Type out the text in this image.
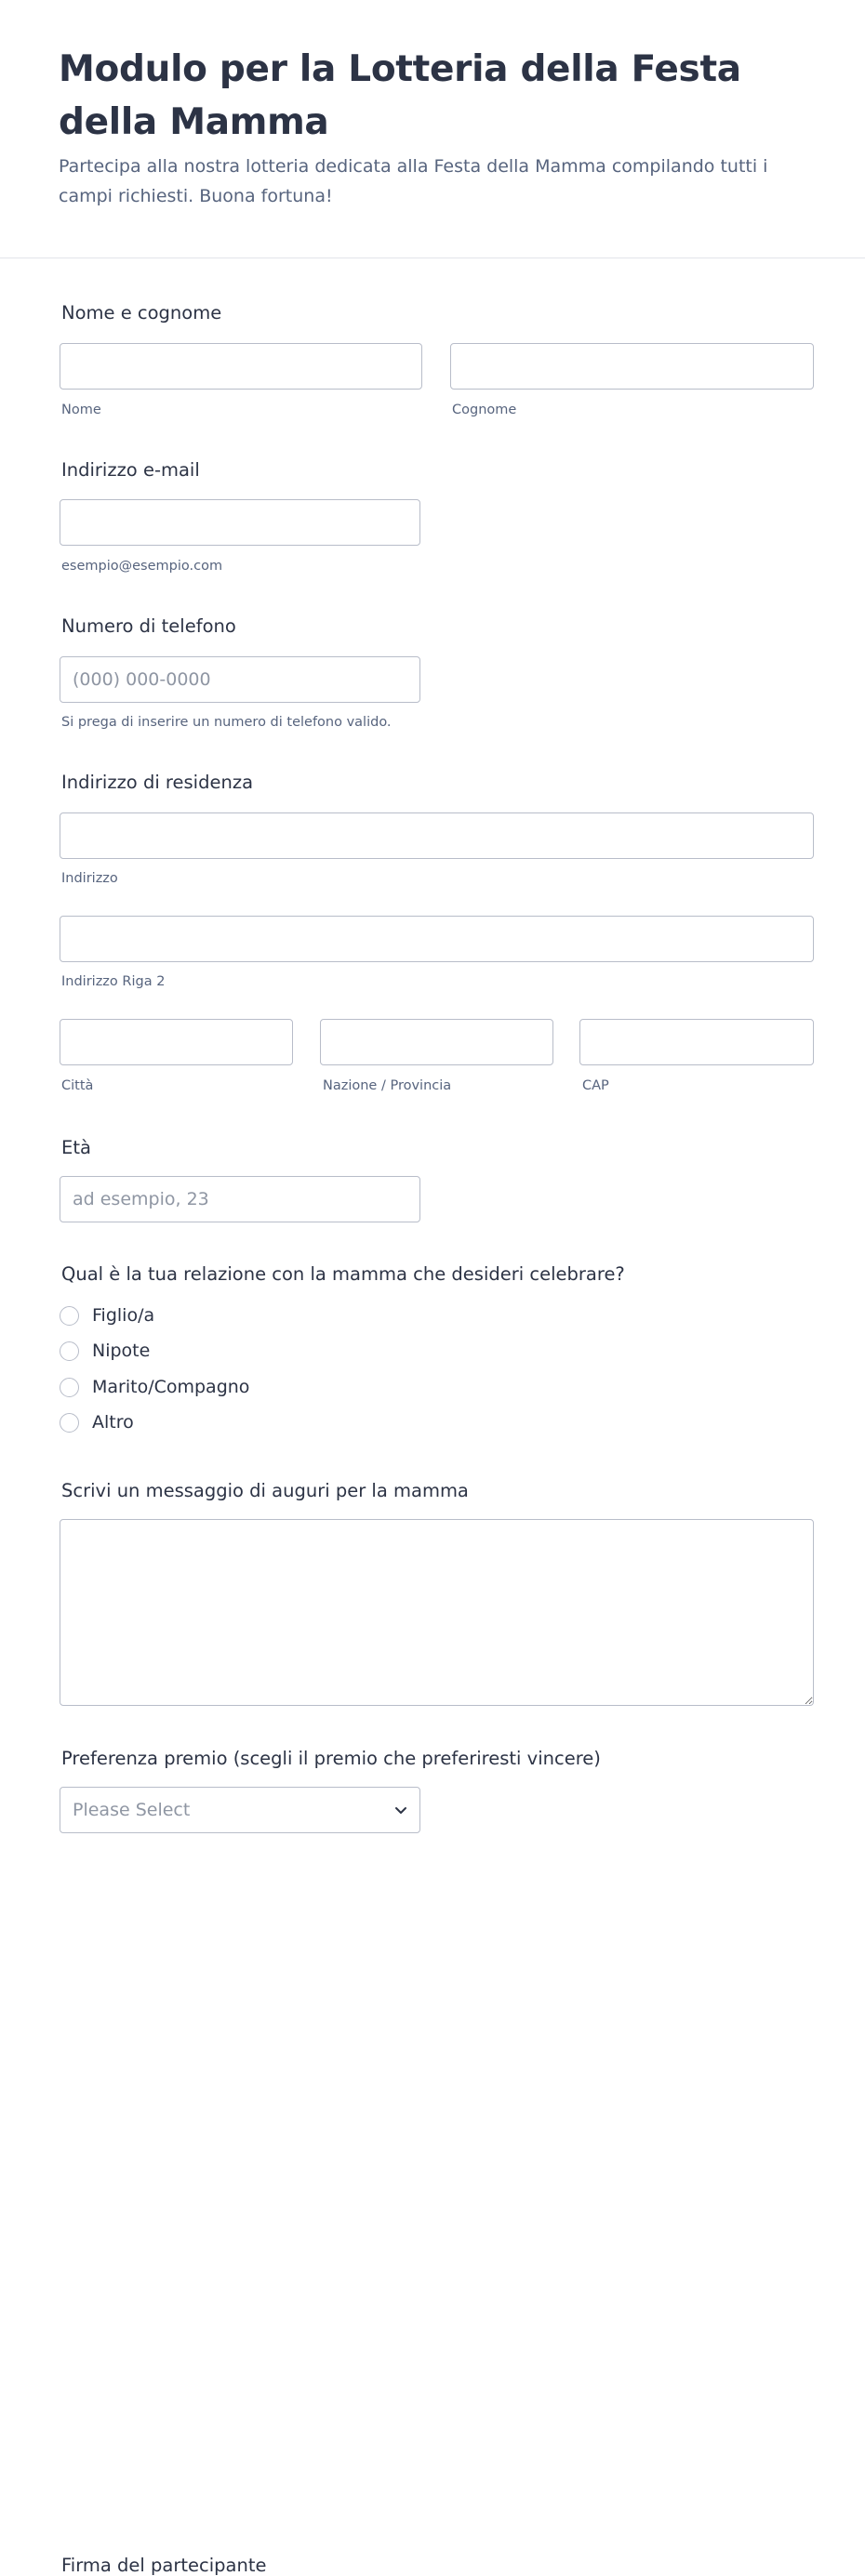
Modulo per la Lotteria della Festa della Mamma
Partecipa alla nostra lotteria dedicata alla Festa della Mamma compilando tutti i campi richiesti. Buona fortuna!
Nome e cognome
Nome	Cognome
Indirizzo e-mail
esempio@esempio.com
Numero di telefono
(000) 000-0000
Si prega di inserire un numero di telefono valido.
Indirizzo di residenza
Indirizzo
Indirizzo Riga 2
Città	Nazione / Provincia	CAP
Età
ad esempio, 23
Qual è la tua relazione con la mamma che desideri celebrare?
Figlio/a
Nipote
Marito/Compagno
Altro
Scrivi un messaggio di auguri per la mamma
Preferenza premio (scegli il premio che preferiresti vincere)
Please Select
Firma del partecipante
